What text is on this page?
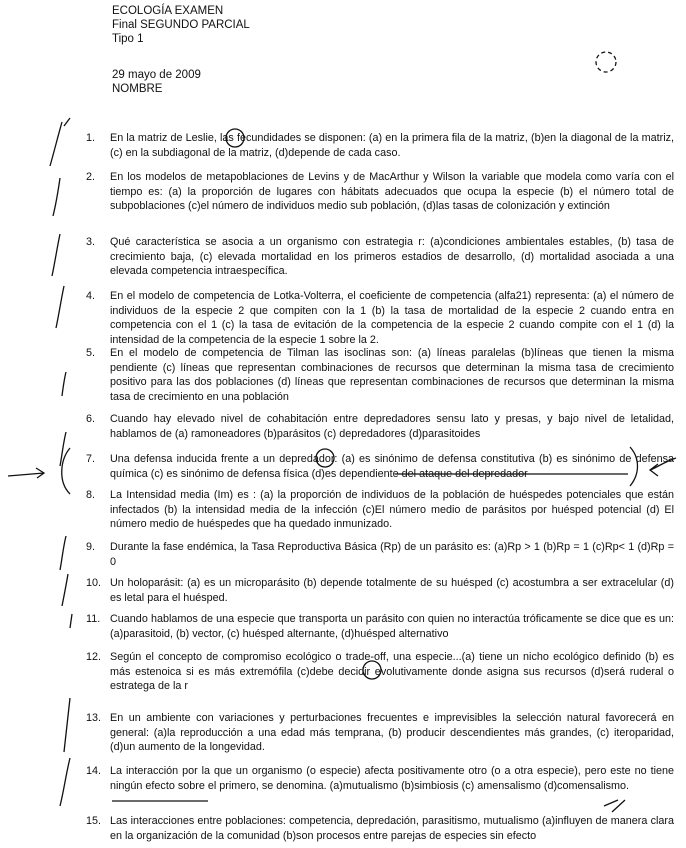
ECOLOGÍA EXAMEN
Final SEGUNDO PARCIAL
Tipo 1
29 mayo de 2009
NOMBRE
1.	En la matriz de Leslie, las fecundidades se disponen: (a) en la primera fila de la matriz, (b)en la diagonal de la matriz, (c) en la subdiagonal de la matriz, (d)depende de cada caso.
2.	En los modelos de metapoblaciones de Levins y de MacArthur y Wilson la variable que modela como varía con el tiempo es: (a) la proporción de lugares con hábitats adecuados que ocupa la especie (b) el número total de subpoblaciones (c)el número de individuos medio sub población, (d)las tasas de colonización y extinción
3.	Qué característica se asocia a un organismo con estrategia r: (a)condiciones ambientales estables, (b) tasa de crecimiento baja, (c) elevada mortalidad en los primeros estadios de desarrollo, (d) mortalidad asociada a una elevada competencia intraespecífica.
4.	En el modelo de competencia de Lotka-Volterra, el coeficiente de competencia (alfa21) representa: (a) el número de individuos de la especie 2 que compiten con la 1 (b) la tasa de mortalidad de la especie 2 cuando entra en competencia con el 1 (c) la tasa de evitación de la competencia de la especie 2 cuando compite con el 1 (d) la intensidad de la competencia de la especie 1 sobre la 2.
5.	En el modelo de competencia de Tilman las isoclinas son: (a) líneas paralelas (b)líneas que tienen la misma pendiente (c) líneas que representan combinaciones de recursos que determinan la misma tasa de crecimiento positivo para las dos poblaciones (d) líneas que representan combinaciones de recursos que determinan la misma tasa de crecimiento en una población
6.	Cuando hay elevado nivel de cohabitación entre depredadores sensu lato y presas, y bajo nivel de letalidad, hablamos de (a) ramoneadores (b)parásitos (c) depredadores (d)parasitoides
7.	Una defensa inducida frente a un depredador: (a) es sinónimo de defensa constitutiva (b) es sinónimo de defensa química (c) es sinónimo de defensa física (d)es dependiente del ataque del depredador
8.	La Intensidad media (Im) es : (a) la proporción de individuos de la población de huéspedes potenciales que están infectados (b) la intensidad media de la infección (c)El número medio de parásitos por huésped potencial (d) El número medio de huéspedes que ha quedado inmunizado.
9.	Durante la fase endémica, la Tasa Reproductiva Básica (Rp) de un parásito es: (a)Rp > 1 (b)Rp = 1 (c)Rp< 1 (d)Rp = 0
10. Un holoparásit: (a) es un microparásito (b) depende totalmente de su huésped (c) acostumbra a ser extracelular (d) es letal para el huésped.
11. Cuando hablamos de una especie que transporta un parásito con quien no interactúa tróficamente se dice que es un: (a)parasitoid, (b) vector, (c) huésped alternante, (d)huésped alternativo
12. Según el concepto de compromiso ecológico o trade-off, una especie...(a) tiene un nicho ecológico definido (b) es más estenoica si es más extremófila (c)debe decidir evolutivamente donde asigna sus recursos (d)será ruderal o estratega de la r
13. En un ambiente con variaciones y perturbaciones frecuentes e imprevisibles la selección natural favorecerá en general: (a)la reproducción a una edad más temprana, (b) producir descendientes más grandes, (c) iteroparidad, (d)un aumento de la longevidad.
14. La interacción por la que un organismo (o especie) afecta positivamente otro (o a otra especie), pero este no tiene ningún efecto sobre el primero, se denomina. (a)mutualismo (b)simbiosis (c) amensalismo (d)comensalismo.
15. Las interacciones entre poblaciones: competencia, depredación, parasitismo, mutualismo (a)influyen de manera clara en la organización de la comunidad (b)son procesos entre parejas de especies sin efecto
